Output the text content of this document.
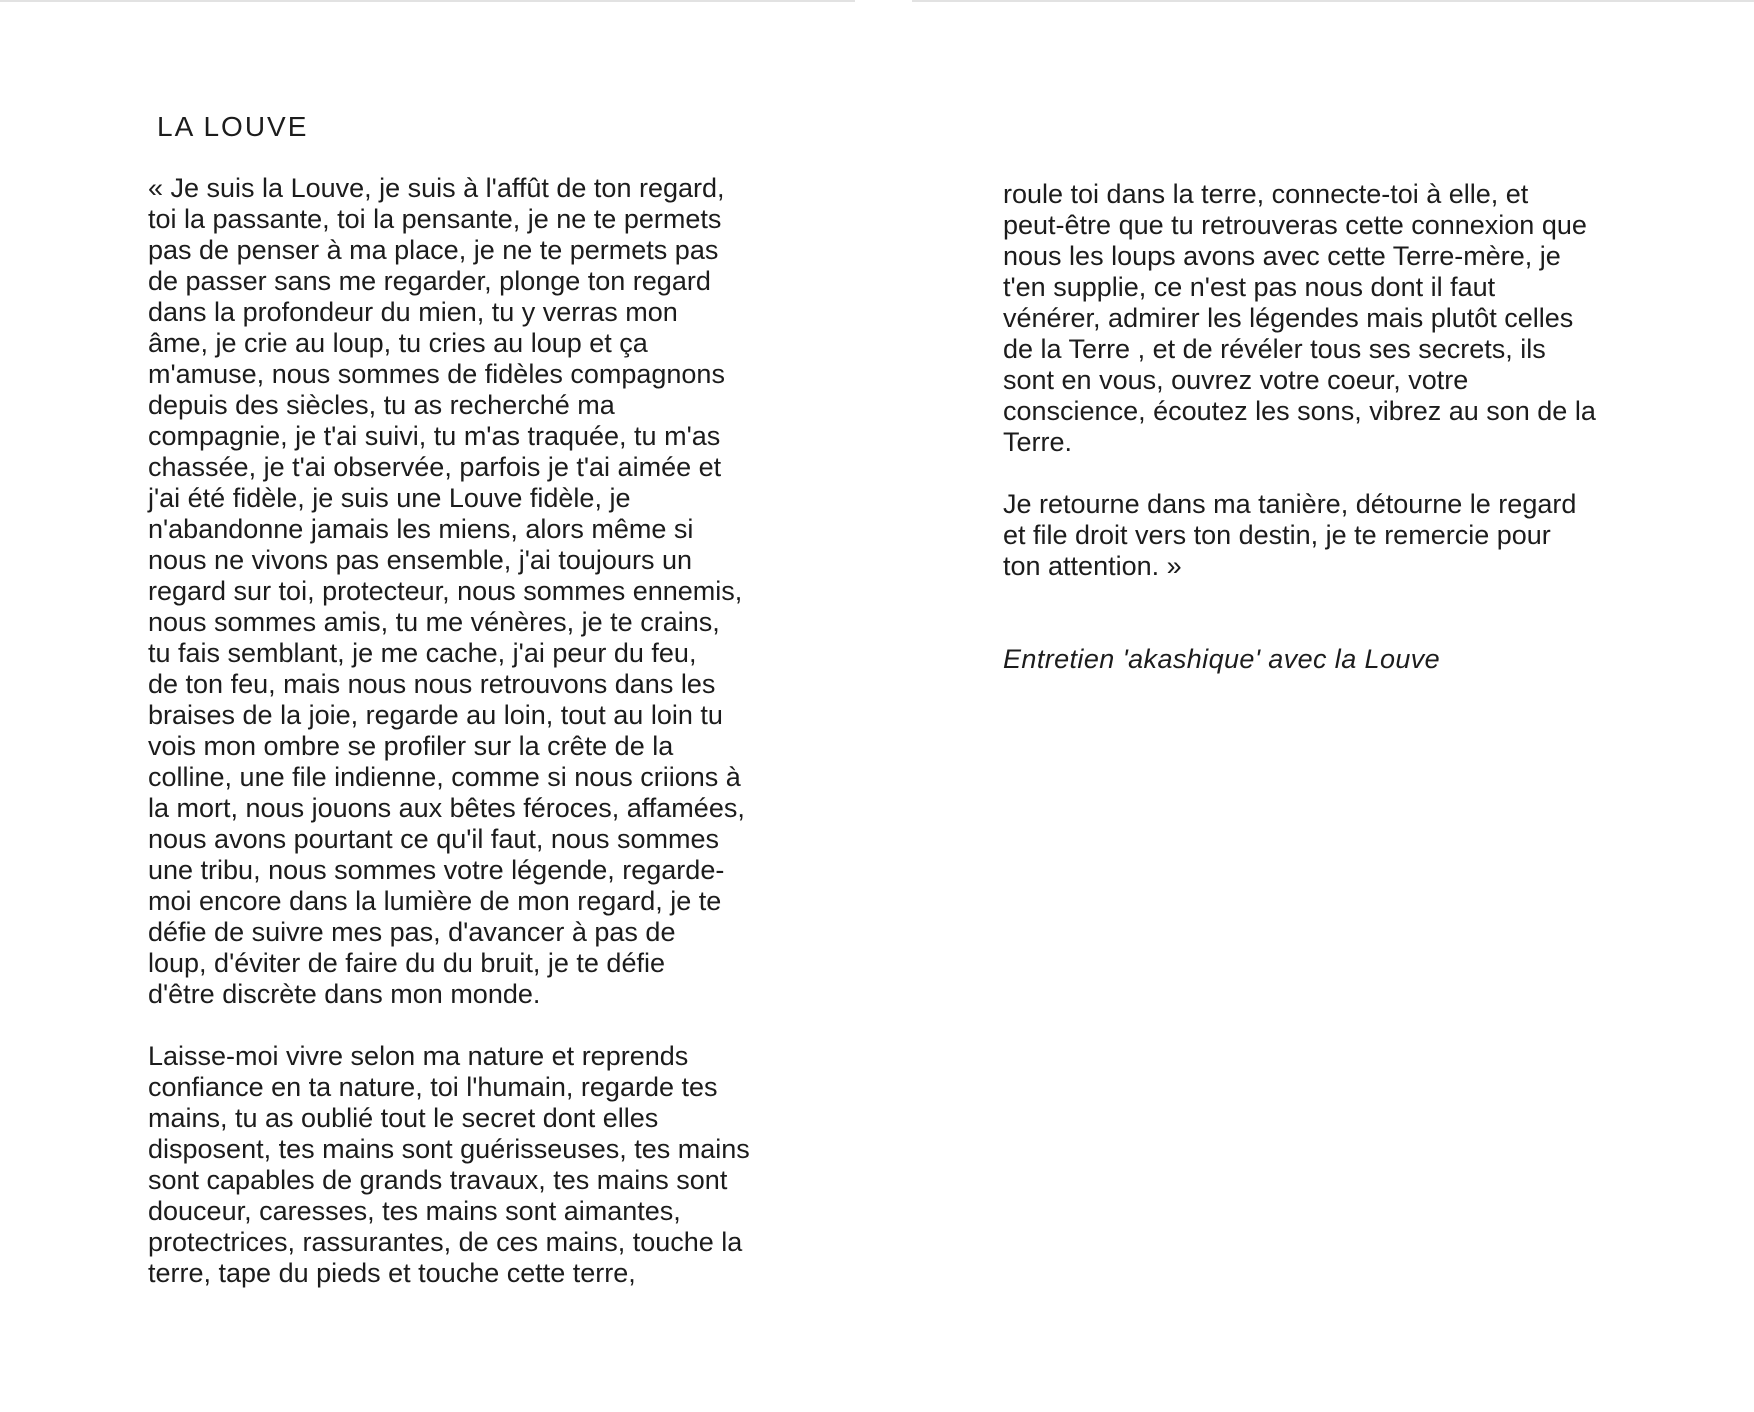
LA LOUVE
« Je suis la Louve, je suis à l'affût de ton regard,
toi la passante, toi la pensante, je ne te permets
pas de penser à ma place, je ne te permets pas
de passer sans me regarder, plonge ton regard
dans la profondeur du mien, tu y verras mon
âme, je crie au loup, tu cries au loup et ça
m'amuse, nous sommes de fidèles compagnons
depuis des siècles, tu as recherché ma
compagnie, je t'ai suivi, tu m'as traquée, tu m'as
chassée, je t'ai observée, parfois je t'ai aimée et
j'ai été fidèle, je suis une Louve fidèle, je
n'abandonne jamais les miens, alors même si
nous ne vivons pas ensemble, j'ai toujours un
regard sur toi, protecteur, nous sommes ennemis,
nous sommes amis, tu me vénères, je te crains,
tu fais semblant, je me cache, j'ai peur du feu,
de ton feu, mais nous nous retrouvons dans les
braises de la joie, regarde au loin, tout au loin tu
vois mon ombre se profiler sur la crête de la
colline, une file indienne, comme si nous criions à
la mort, nous jouons aux bêtes féroces, affamées,
nous avons pourtant ce qu'il faut, nous sommes
une tribu, nous sommes votre légende, regarde-
moi encore dans la lumière de mon regard, je te
défie de suivre mes pas, d'avancer à pas de
loup, d'éviter de faire du du bruit, je te défie
d'être discrète dans mon monde.
Laisse-moi vivre selon ma nature et reprends
confiance en ta nature, toi l'humain, regarde tes
mains, tu as oublié tout le secret dont elles
disposent, tes mains sont guérisseuses, tes mains
sont capables de grands travaux, tes mains sont
douceur, caresses, tes mains sont aimantes,
protectrices, rassurantes, de ces mains, touche la
terre, tape du pieds et touche cette terre,
roule toi dans la terre, connecte-toi à elle, et
peut-être que tu retrouveras cette connexion que
nous les loups avons avec cette Terre-mère, je
t'en supplie, ce n'est pas nous dont il faut
vénérer, admirer les légendes mais plutôt celles
de la Terre , et de révéler tous ses secrets, ils
sont en vous, ouvrez votre coeur, votre
conscience, écoutez les sons, vibrez au son de la
Terre.
Je retourne dans ma tanière, détourne le regard
et file droit vers ton destin, je te remercie pour
ton attention. »
Entretien 'akashique' avec la Louve
